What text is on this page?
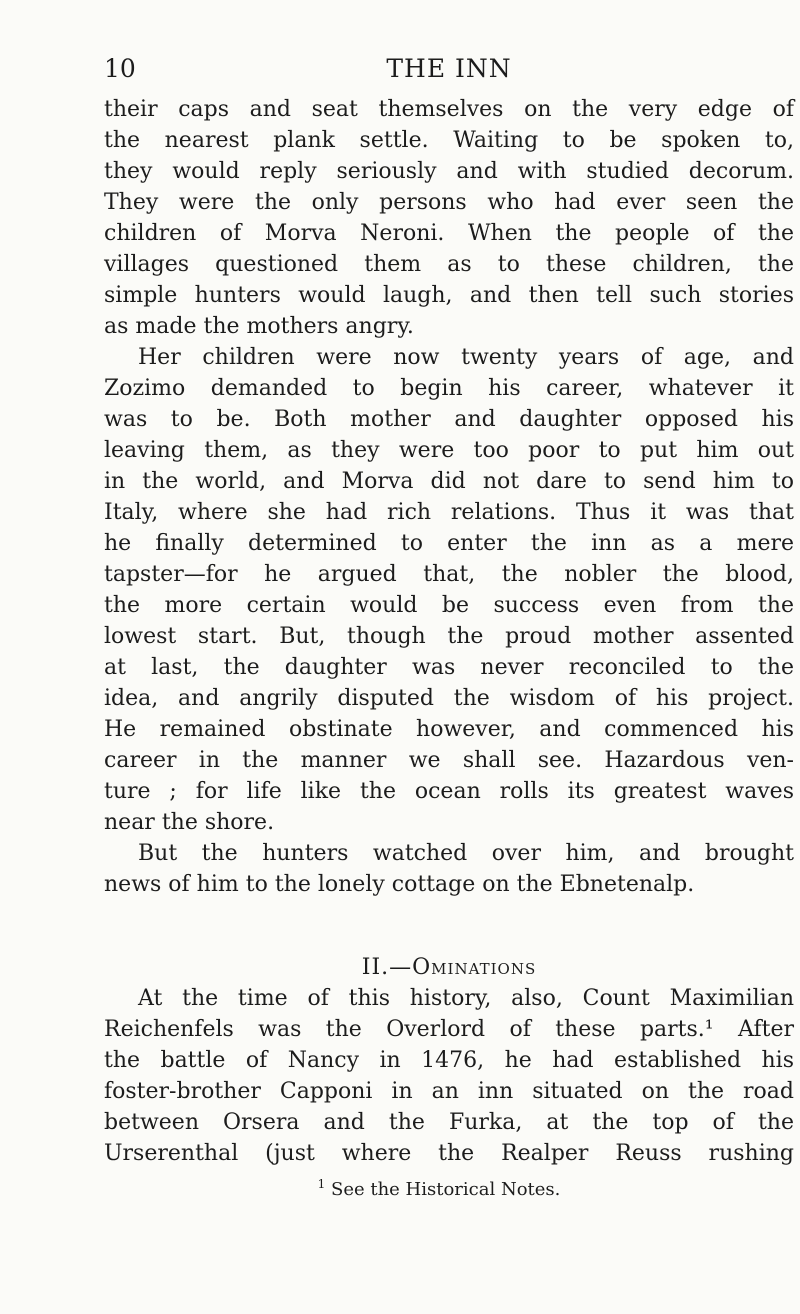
10	THE INN
their caps and seat themselves on the very edge of
the nearest plank settle. Waiting to be spoken to,
they would reply seriously and with studied decorum.
They were the only persons who had ever seen the
children of Morva Neroni. When the people of the
villages questioned them as to these children, the
simple hunters would laugh, and then tell such stories
as made the mothers angry.
Her children were now twenty years of age, and
Zozimo demanded to begin his career, whatever it
was to be. Both mother and daughter opposed his
leaving them, as they were too poor to put him out
in the world, and Morva did not dare to send him to
Italy, where she had rich relations. Thus it was that
he finally determined to enter the inn as a mere
tapster—for he argued that, the nobler the blood,
the more certain would be success even from the
lowest start. But, though the proud mother assented
at last, the daughter was never reconciled to the
idea, and angrily disputed the wisdom of his project.
He remained obstinate however, and commenced his
career in the manner we shall see. Hazardous ven-
ture ; for life like the ocean rolls its greatest waves
near the shore.
But the hunters watched over him, and brought
news of him to the lonely cottage on the Ebnetenalp.
II.—Ominations
At the time of this history, also, Count Maximilian
Reichenfels was the Overlord of these parts.¹ After
the battle of Nancy in 1476, he had established his
foster-brother Capponi in an inn situated on the road
between Orsera and the Furka, at the top of the
Urserenthal (just where the Realper Reuss rushing
$^1$ See the Historical Notes.
